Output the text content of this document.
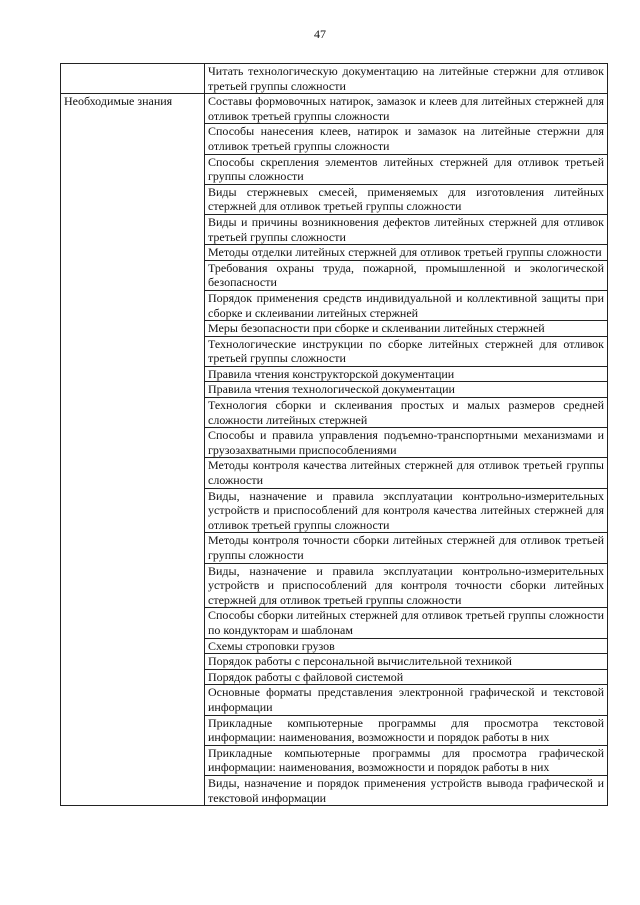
47
	Читать технологическую документацию на литейные стержни для отливок третьей группы сложности
Необходимые знания	Составы формовочных натирок, замазок и клеев для литейных стержней для отливок третьей группы сложности
	Способы нанесения клеев, натирок и замазок на литейные стержни для отливок третьей группы сложности
	Способы скрепления элементов литейных стержней для отливок третьей группы сложности
	Виды стержневых смесей, применяемых для изготовления литейных стержней для отливок третьей группы сложности
	Виды и причины возникновения дефектов литейных стержней для отливок третьей группы сложности
	Методы отделки литейных стержней для отливок третьей группы сложности
	Требования охраны труда, пожарной, промышленной и экологической безопасности
	Порядок применения средств индивидуальной и коллективной защиты при сборке и склеивании литейных стержней
	Меры безопасности при сборке и склеивании литейных стержней
	Технологические инструкции по сборке литейных стержней для отливок третьей группы сложности
	Правила чтения конструкторской документации
	Правила чтения технологической документации
	Технология сборки и склеивания простых и малых размеров средней сложности литейных стержней
	Способы и правила управления подъемно-транспортными механизмами и грузозахватными приспособлениями
	Методы контроля качества литейных стержней для отливок третьей группы сложности
	Виды, назначение и правила эксплуатации контрольно-измерительных устройств и приспособлений для контроля качества литейных стержней для отливок третьей группы сложности
	Методы контроля точности сборки литейных стержней для отливок третьей группы сложности
	Виды, назначение и правила эксплуатации контрольно-измерительных устройств и приспособлений для контроля точности сборки литейных стержней для отливок третьей группы сложности
	Способы сборки литейных стержней для отливок третьей группы сложности по кондукторам и шаблонам
	Схемы строповки грузов
	Порядок работы с персональной вычислительной техникой
	Порядок работы с файловой системой
	Основные форматы представления электронной графической и текстовой информации
	Прикладные компьютерные программы для просмотра текстовой информации: наименования, возможности и порядок работы в них
	Прикладные компьютерные программы для просмотра графической информации: наименования, возможности и порядок работы в них
	Виды, назначение и порядок применения устройств вывода графической и текстовой информации
